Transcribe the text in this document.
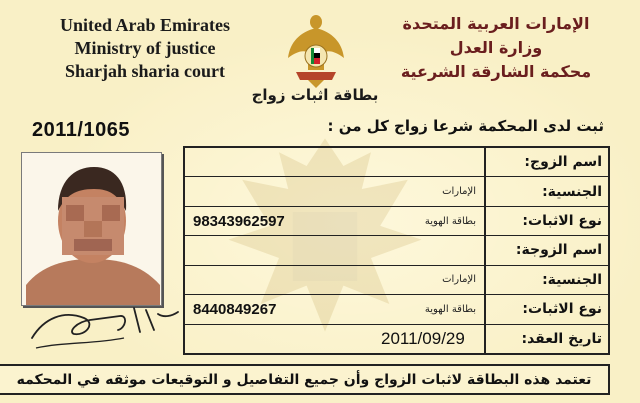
United Arab Emirates
Ministry of justice
Sharjah sharia court
الإمارات العربية المتحدة
وزارة العدل
محكمة الشارقة الشرعية
بطاقة اثبات زواج
2011/1065	ثبت لدى المحكمة شرعا زواج كل من :
اسم الزوج:
الجنسية:
الإمارات
نوع الاثبات:
98343962597	بطاقة الهوية
اسم الزوجة:
الجنسية:
الإمارات
نوع الاثبات:
8440849267	بطاقة الهوية
تاريخ العقد:
2011/09/29
تعتمد هذه البطاقة لاثبات الزواج وأن جميع التفاصيل و التوقيعات موثقه في المحكمه
